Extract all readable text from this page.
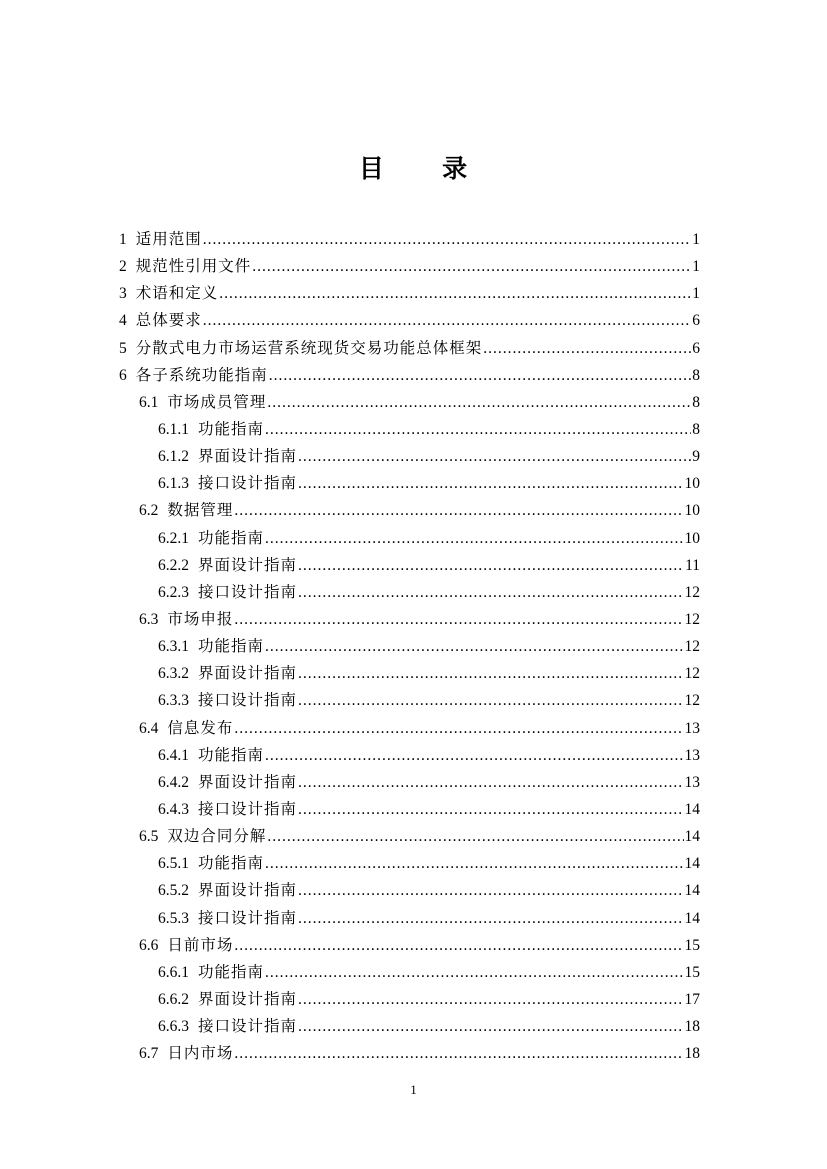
目 录
1 适用范围 .....	1
2 规范性引用文件 .....	1
3 术语和定义 .....	1
4 总体要求 .....	6
5 分散式电力市场运营系统现货交易功能总体框架 .....	6
6 各子系统功能指南 .....	8
6.1 市场成员管理 .....	8
6.1.1 功能指南 .....	8
6.1.2 界面设计指南 .....	9
6.1.3 接口设计指南 .....	10
6.2 数据管理 .....	10
6.2.1 功能指南 .....	10
6.2.2 界面设计指南 .....	11
6.2.3 接口设计指南 .....	12
6.3 市场申报 .....	12
6.3.1 功能指南 .....	12
6.3.2 界面设计指南 .....	12
6.3.3 接口设计指南 .....	12
6.4 信息发布 .....	13
6.4.1 功能指南 .....	13
6.4.2 界面设计指南 .....	13
6.4.3 接口设计指南 .....	14
6.5 双边合同分解 .....	14
6.5.1 功能指南 .....	14
6.5.2 界面设计指南 .....	14
6.5.3 接口设计指南 .....	14
6.6 日前市场 .....	15
6.6.1 功能指南 .....	15
6.6.2 界面设计指南 .....	17
6.6.3 接口设计指南 .....	18
6.7 日内市场 .....	18
1
